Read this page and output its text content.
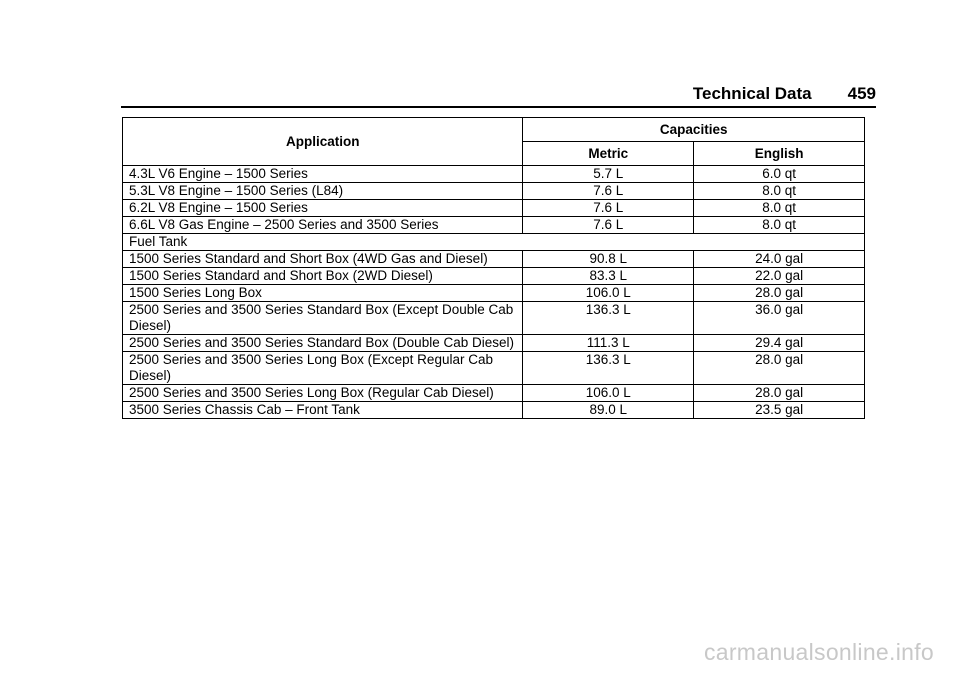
Technical Data 459
Application	Capacities	
	Metric	English
4.3L V6 Engine – 1500 Series	5.7 L	6.0 qt
5.3L V8 Engine – 1500 Series (L84)	7.6 L	8.0 qt
6.2L V8 Engine – 1500 Series	7.6 L	8.0 qt
6.6L V8 Gas Engine – 2500 Series and 3500 Series	7.6 L	8.0 qt
Fuel Tank		
1500 Series Standard and Short Box (4WD Gas and Diesel)	90.8 L	24.0 gal
1500 Series Standard and Short Box (2WD Diesel)	83.3 L	22.0 gal
1500 Series Long Box	106.0 L	28.0 gal
2500 Series and 3500 Series Standard Box (Except Double Cab Diesel)	136.3 L	36.0 gal
2500 Series and 3500 Series Standard Box (Double Cab Diesel)	111.3 L	29.4 gal
2500 Series and 3500 Series Long Box (Except Regular Cab Diesel)	136.3 L	28.0 gal
2500 Series and 3500 Series Long Box (Regular Cab Diesel)	106.0 L	28.0 gal
3500 Series Chassis Cab – Front Tank	89.0 L	23.5 gal
carmanualsonline.info
